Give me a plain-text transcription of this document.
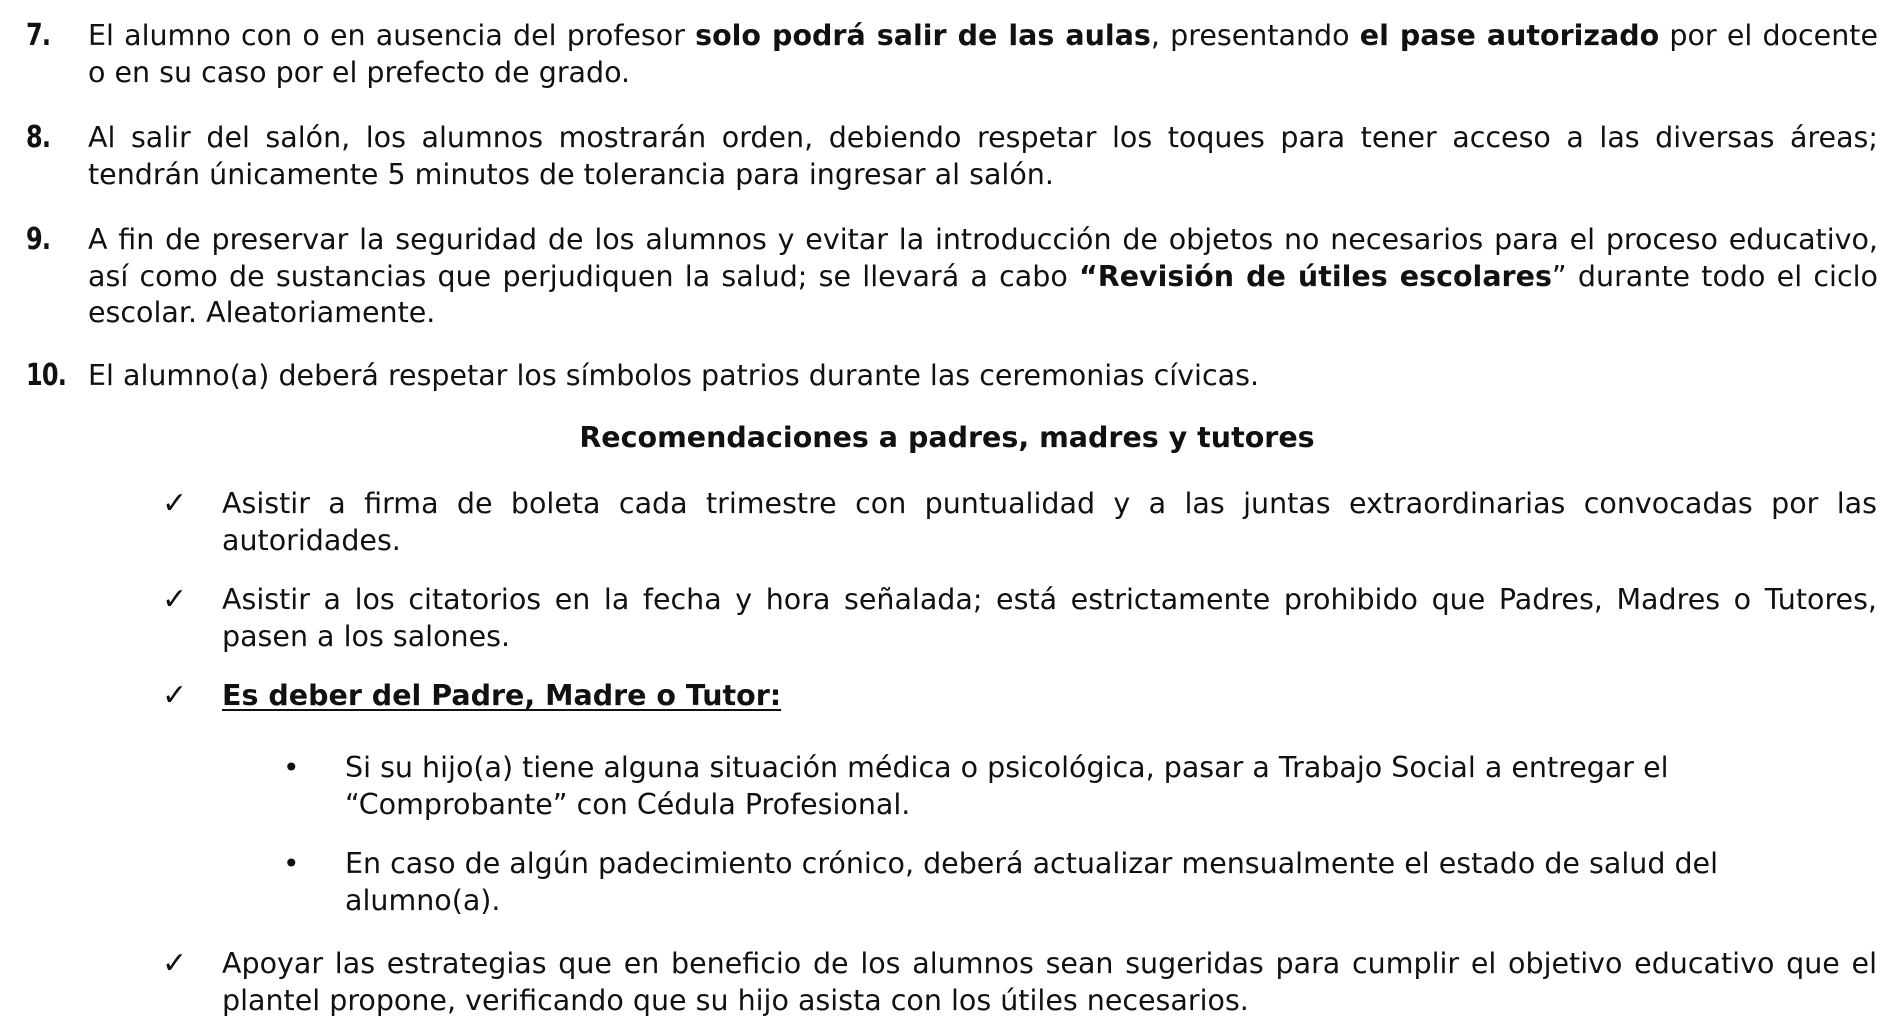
7. El alumno con o en ausencia del profesor solo podrá salir de las aulas, presentando el pase autorizado por el docente o en su caso por el prefecto de grado.
8. Al salir del salón, los alumnos mostrarán orden, debiendo respetar los toques para tener acceso a las diversas áreas; tendrán únicamente 5 minutos de tolerancia para ingresar al salón.
9. A fin de preservar la seguridad de los alumnos y evitar la introducción de objetos no necesarios para el proceso educativo, así como de sustancias que perjudiquen la salud; se llevará a cabo “Revisión de útiles escolares” durante todo el ciclo escolar. Aleatoriamente.
10. El alumno(a) deberá respetar los símbolos patrios durante las ceremonias cívicas.
Recomendaciones a padres, madres y tutores
✓ Asistir a firma de boleta cada trimestre con puntualidad y a las juntas extraordinarias convocadas por las autoridades.
✓ Asistir a los citatorios en la fecha y hora señalada; está estrictamente prohibido que Padres, Madres o Tutores, pasen a los salones.
✓ Es deber del Padre, Madre o Tutor:
• Si su hijo(a) tiene alguna situación médica o psicológica, pasar a Trabajo Social a entregar el “Comprobante” con Cédula Profesional.
• En caso de algún padecimiento crónico, deberá actualizar mensualmente el estado de salud del alumno(a).
✓ Apoyar las estrategias que en beneficio de los alumnos sean sugeridas para cumplir el objetivo educativo que el plantel propone, verificando que su hijo asista con los útiles necesarios.
